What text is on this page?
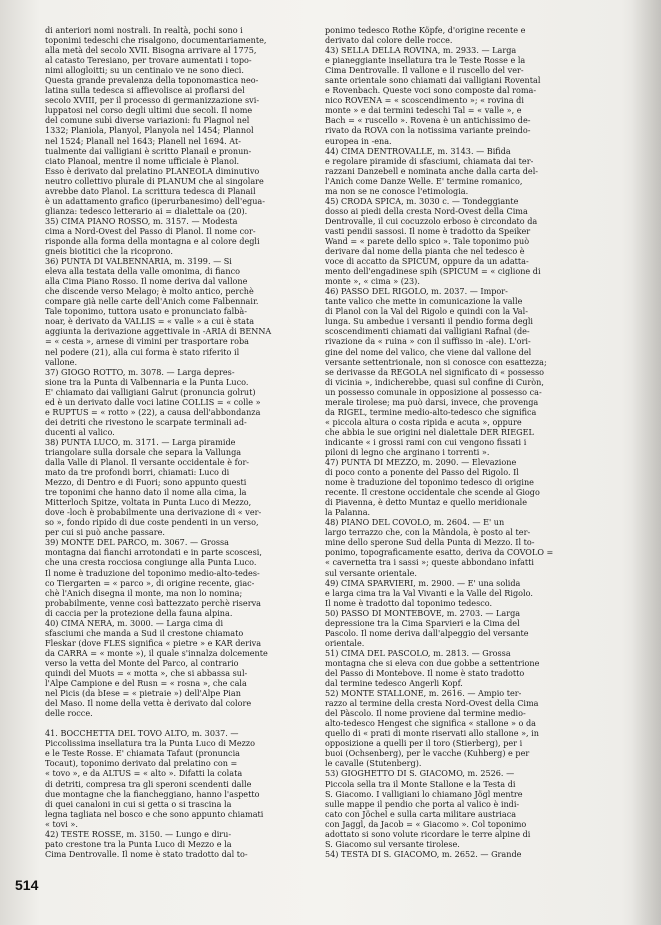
di anteriori nomi nostrali. In realtà, pochi sono i
toponimi tedeschi che risalgono, documentariamente,
alla metà del secolo XVII. Bisogna arrivare al 1775,
al catasto Teresiano, per trovare aumentati i topo-
nimi allogloitti; su un centinaio ve ne sono dieci.
Questa grande prevalenza della toponomastica neo-
latina sulla tedesca si affievolisce ai proflarsi del
secolo XVIII, per il processo di germanizzazione svi-
luppatosi nel corso degli ultimi due secoli. Il nome
del comune subì diverse variazioni: fu Plagnol nel
1332; Planiola, Planyol, Planyola nel 1454; Plannol
nel 1524; Planall nel 1643; Planell nel 1694. At-
tualmente dai valligiani è scritto Planail e pronun-
ciato Planoal, mentre il nome ufficiale è Planol.
Esso è derivato dal prelatino PLANEOLA diminutivo
neutro collettivo plurale di PLANUM che al singolare
avrebbe dato Planol. La scrittura tedesca di Planail
è un adattamento grafico (iperurbanesimo) dell'egua-
glianza: tedesco letterario ai = dialettale oa (20).
35) CIMA PIANO ROSSO, m. 3157. — Modesta
cima a Nord-Ovest del Passo di Planol. Il nome cor-
risponde alla forma della montagna e al colore degli
gneis biotitici che la ricoprono.
36) PUNTA DI VALBENNARIA, m. 3199. — Si
eleva alla testata della valle omonima, di fianco
alla Cima Piano Rosso. Il nome deriva dal vallone
che discende verso Melago; è molto antico, perchè
compare già nelle carte dell'Anich come Falbennair.
Tale toponimo, tuttora usato e pronunciato falbà-
noar, è derivato da VALLIS = « valle » a cui è stata
aggiunta la derivazione aggettivale in -ARIA di BENNA
= « cesta », arnese di vimini per trasportare roba
nel podere (21), alla cui forma è stato riferito il
vallone.
37) GIOGO ROTTO, m. 3078. — Larga depres-
sione tra la Punta di Valbennaria e la Punta Luco.
E' chiamato dai valligiani Galrut (pronuncia golrut)
ed è un derivato dalle voci latine COLLIS = « colle »
e RUPTUS = « rotto » (22), a causa dell'abbondanza
dei detriti che rivestono le scarpate terminali ad-
ducenti al valico.
38) PUNTA LUCO, m. 3171. — Larga piramide
triangolare sulla dorsale che separa la Vallunga
dalla Valle di Planol. Il versante occidentale è for-
mato da tre profondi borri, chiamati: Luco di
Mezzo, di Dentro e di Fuori; sono appunto questi
tre toponimi che hanno dato il nome alla cima, la
Mitterloch Spitze, voltata in Punta Luco di Mezzo,
dove -loch è probabilmente una derivazione di « ver-
so », fondo ripido di due coste pendenti in un verso,
per cui si può anche passare.
39) MONTE DEL PARCO, m. 3067. — Grossa
montagna dai fianchi arrotondati e in parte scoscesi,
che una cresta rocciosa congiunge alla Punta Luco.
Il nome è traduzione del toponimo medio-alto-tedes-
co Tiergarten = « parco », di origine recente, giac-
chè l'Anich disegna il monte, ma non lo nomina;
probabilmente, venne così battezzato perchè riserva
di caccia per la protezione della fauna alpina.
40) CIMA NERA, m. 3000. — Larga cima di
sfasciumi che manda a Sud il crestone chiamato
Fleskar (dove FLES significa « pietre » e KAR deriva
da CARRA = « monte »), il quale s'innalza dolcemente
verso la vetta del Monte del Parco, al contrario
quindi del Muots = « motta », che si abbassa sul-
l'Alpe Campione e del Rusn = « rosna », che cala
nel Picis (da bIese = « pietraie ») dell'Alpe Pian
del Maso. Il nome della vetta è derivato dal colore
delle rocce.

41. BOCCHETTA DEL TOVO ALTO, m. 3037. —
Piccolissima insellatura tra la Punta Luco di Mezzo
e le Teste Rosse. E' chiamata Tafaut (pronuncia
Tocaut), toponimo derivato dal prelatino con =
« tovo », e da ALTUS = « alto ». Difatti la colata
di detriti, compresa tra gli speroni scendenti dalle
due montagne che la fiancheggiano, hanno l'aspetto
di quei canaloni in cui si getta o si trascina la
legna tagliata nel bosco e che sono appunto chiamati
« tovi ».
42) TESTE ROSSE, m. 3150. — Lungo e diru-
pato crestone tra la Punta Luco di Mezzo e la
Cima Dentrovalle. Il nome è stato tradotto dal to-
ponimo tedesco Rothe Köpfe, d'origine recente e
derivato dal colore delle rocce.
43) SELLA DELLA ROVINA, m. 2933. — Larga
e pianeggiante insellatura tra le Teste Rosse e la
Cima Dentrovalle. Il vallone e il ruscello del ver-
sante orientale sono chiamati dai valligiani Rovental
e Rovenbach. Queste voci sono composte dal roma-
nico ROVENA = « scoscendimento »; « rovina di
monte » e dai termini tedeschi Tal = « valle », e
Bach = « ruscello ». Rovena è un antichissimo de-
rivato da ROVA con la notissima variante preindo-
europea in -ena.
44) CIMA DENTROVALLE, m. 3143. — Bifida
e regolare piramide di sfasciumi, chiamata dai ter-
razzani Danzebell e nominata anche dalla carta del-
l'Anich come Danze Welle. E' termine romanico,
ma non se ne conosce l'etimologia.
45) CRODA SPICA, m. 3030 c. — Tondeggiante
dosso ai piedi della cresta Nord-Ovest della Cima
Dentrovalle, il cui cocuzzolo erboso è circondato da
vasti pendii sassosi. Il nome è tradotto da Speiker
Wand = « parete dello spico ». Tale toponimo può
derivare dal nome della pianta che nel tedesco è
voce di accatto da SPICUM, oppure da un adatta-
mento dell'engadinese spih (SPICUM = « ciglione di
monte », « cima » (23).
46) PASSO DEL RIGOLO, m. 2037. — Impor-
tante valico che mette in comunicazione la valle
di Planol con la Val del Rigolo e quindi con la Val-
lunga. Su ambedue i versanti il pendio forma degli
scoscendimenti chiamati dai valligiani Rafnal (de-
rivazione da « ruina » con il suffisso in -ale). L'ori-
gine del nome del valico, che viene dal vallone del
versante settentrionale, non si conosce con esattezza;
se derivasse da REGOLA nel significato di « possesso
di vicinia », indicherebbe, quasi sul confine di Curòn,
un possesso comunale in opposizione al possesso ca-
merale tirolese; ma può darsi, invece, che provenga
da RIGEL, termine medio-alto-tedesco che significa
« piccola altura o costa ripida e acuta », oppure
che abbia le sue origini nel dialettale DER RIEGEL
indicante « i grossi rami con cui vengono fissati i
piloni di legno che arginano i torrenti ».
47) PUNTA DI MEZZO, m. 2090. — Elevazione
di poco conto a ponente del Passo del Rigolo. Il
nome è traduzione del toponimo tedesco di origine
recente. Il crestone occidentale che scende al Giogo
di Piavenna, è detto Muntaz e quello meridionale
la Palanna.
48) PIANO DEL COVOLO, m. 2604. — E' un
largo terrazzo che, con la Màndola, è posto al ter-
mine dello sperone Sud della Punta di Mezzo. Il to-
ponimo, topograficamente esatto, deriva da COVOLO =
« cavernetta tra i sassi »; queste abbondano infatti
sul versante orientale.
49) CIMA SPARVIERI, m. 2900. — E' una solida
e larga cima tra la Val Vivanti e la Valle del Rigolo.
Il nome è tradotto dal toponimo tedesco.
50) PASSO DI MONTEBOVE, m. 2703. — Larga
depressione tra la Cima Sparvieri e la Cima del
Pascolo. Il nome deriva dall'alpeggio del versante
orientale.
51) CIMA DEL PASCOLO, m. 2813. — Grossa
montagna che si eleva con due gobbe a settentrione
del Passo di Montebove. Il nome è stato tradotto
dal termine tedesco Angerli Kopf.
52) MONTE STALLONE, m. 2616. — Ampio ter-
razzo al termine della cresta Nord-Ovest della Cima
del Pàscolo. Il nome proviene dal termine medio-
alto-tedesco Hengest che significa « stallone » o da
quello di « prati di monte riservati allo stallone », in
opposizione a quelli per il toro (Stierberg), per i
buoi (Ochsenberg), per le vacche (Kuhberg) e per
le cavalle (Stutenberg).
53) GIOGHETTO DI S. GIACOMO, m. 2526. —
Piccola sella tra il Monte Stallone e la Testa di
S. Giacomo. I valligiani lo chiamano Jögl mentre
sulle mappe il pendio che porta al valico è indi-
cato con Jöchel e sulla carta militare austriaca
con Jaggl, da Jacob = « Giacomo ». Col toponimo
adottato si sono volute ricordare le terre alpine di
S. Giacomo sul versante tirolese.
54) TESTA DI S. GIACOMO, m. 2652. — Grande
514
